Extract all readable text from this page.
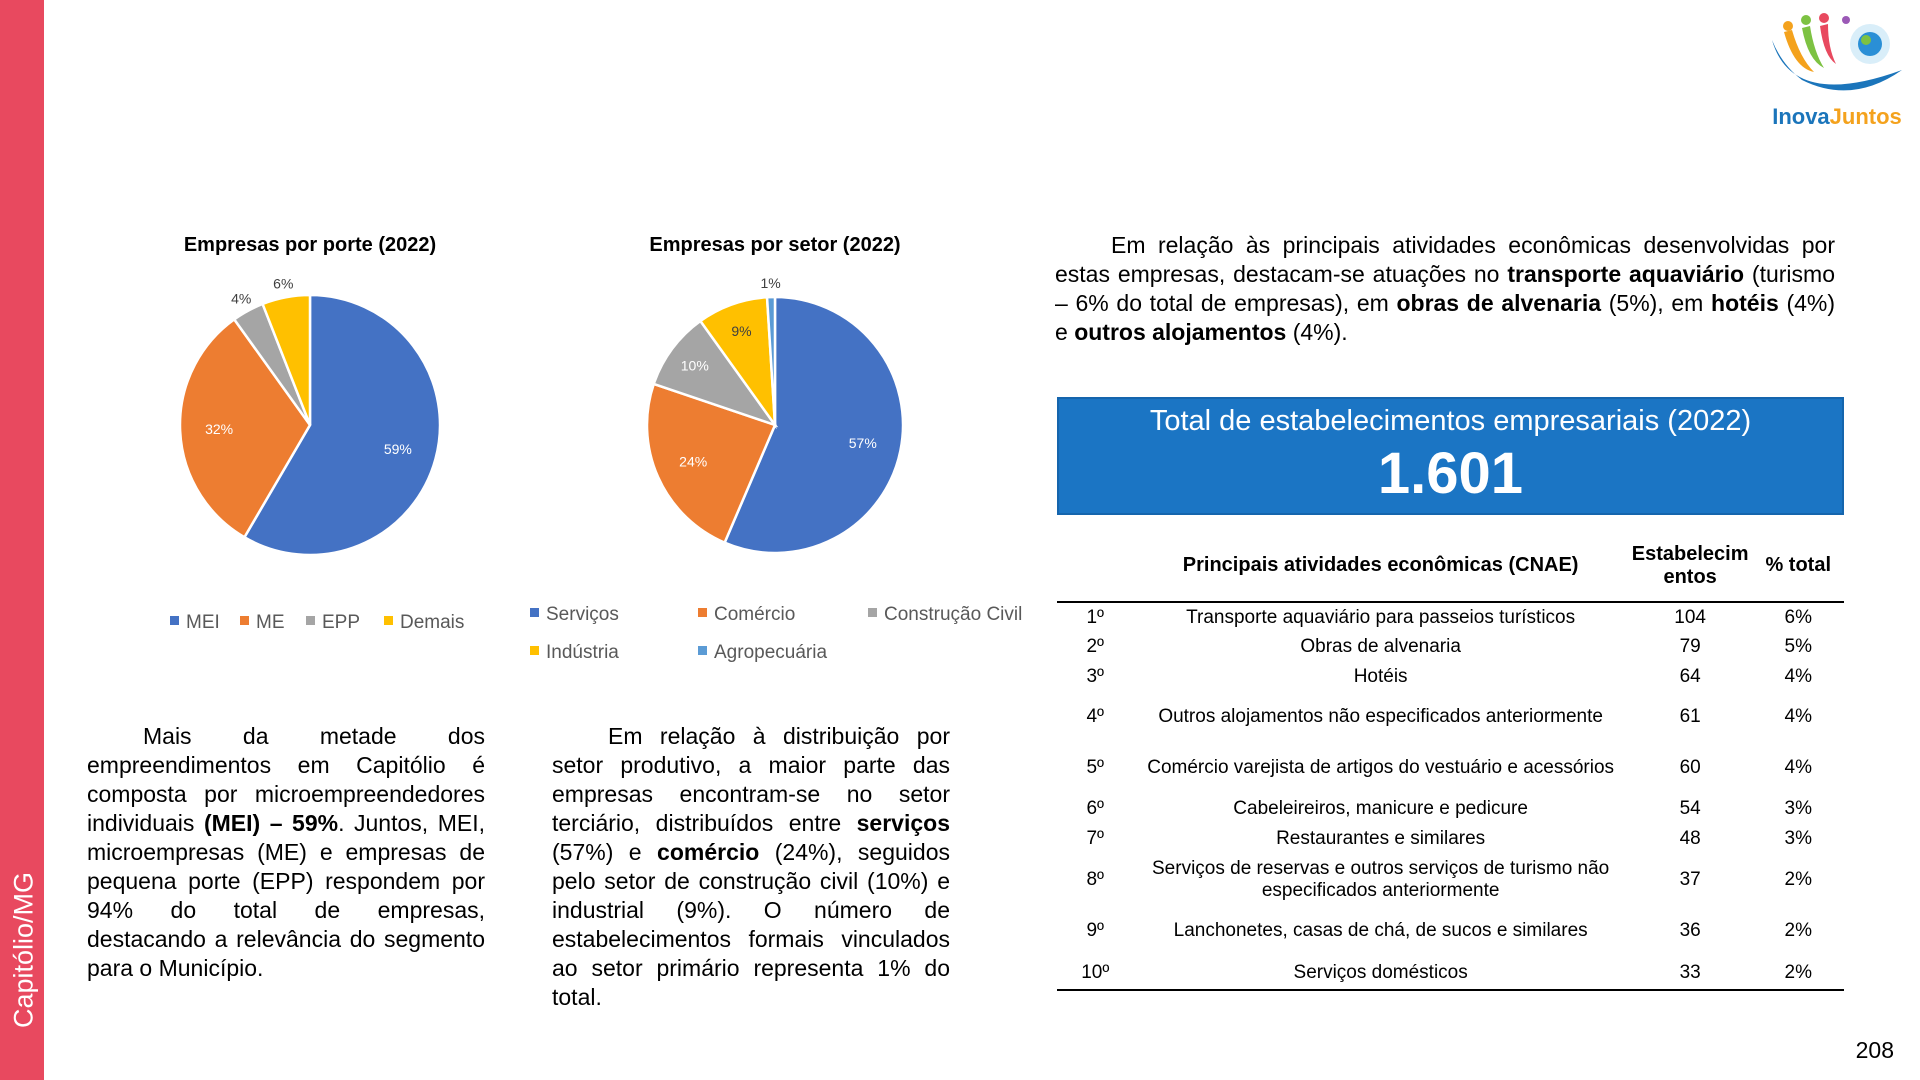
Capitólio/MG
InovaJuntos
Empresas por porte (2022)
59%
32%
4%
6%
MEI	ME	EPP	Demais
Empresas por setor (2022)
57%
24%
10%
9%
1%
Serviços	Comércio	Construção Civil
Indústria	Agropecuária
Mais da metade dos empreendimentos em Capitólio é composta por microempreendedores individuais (MEI) – 59%. Juntos, MEI, microempresas (ME) e empresas de pequena porte (EPP) respondem por 94% do total de empresas, destacando a relevância do segmento para o Município.
Em relação à distribuição por setor produtivo, a maior parte das empresas encontram-se no setor terciário, distribuídos entre serviços (57%) e comércio (24%), seguidos pelo setor de construção civil (10%) e industrial (9%). O número de estabelecimentos formais vinculados ao setor primário representa 1% do total.
Em relação às principais atividades econômicas desenvolvidas por estas empresas, destacam-se atuações no transporte aquaviário (turismo – 6% do total de empresas), em obras de alvenaria (5%), em hotéis (4%) e outros alojamentos (4%).
Total de estabelecimentos empresariais (2022)
1.601
	Principais atividades econômicas (CNAE)	Estabelecim entos	% total
1º	Transporte aquaviário para passeios turísticos	104	6%
2º	Obras de alvenaria	79	5%
3º	Hotéis	64	4%
4º	Outros alojamentos não especificados anteriormente	61	4%
5º	Comércio varejista de artigos do vestuário e acessórios	60	4%
6º	Cabeleireiros, manicure e pedicure	54	3%
7º	Restaurantes e similares	48	3%
8º	Serviços de reservas e outros serviços de turismo não especificados anteriormente	37	2%
9º	Lanchonetes, casas de chá, de sucos e similares	36	2%
10º	Serviços domésticos	33	2%
208
